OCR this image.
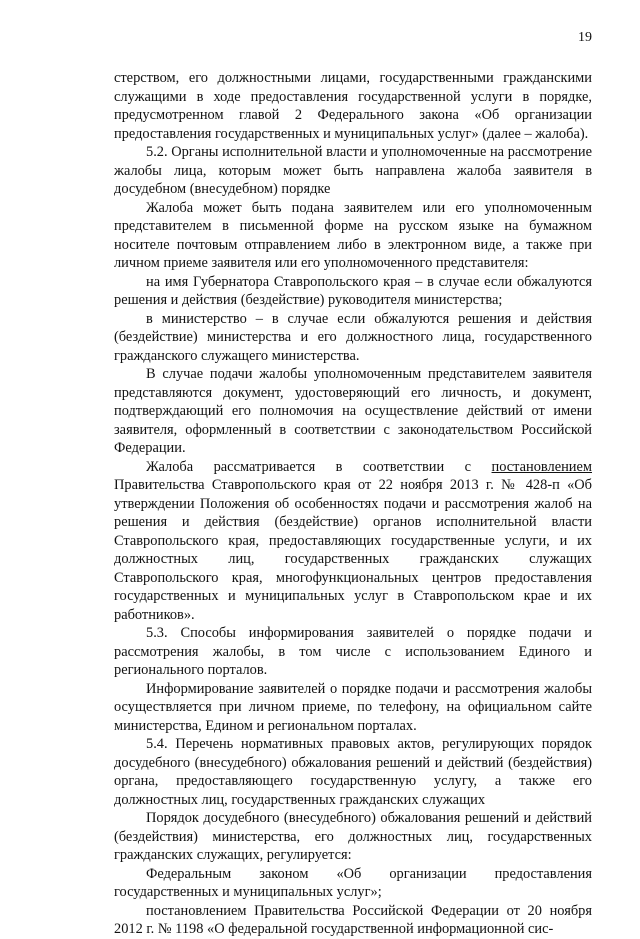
19

стерством, его должностными лицами, государственными гражданскими служащими в ходе предоставления государственной услуги в порядке, предусмотренном главой 2 Федерального закона «Об организации предоставления государственных и муниципальных услуг» (далее – жалоба).

5.2. Органы исполнительной власти и уполномоченные на рассмотрение жалобы лица, которым может быть направлена жалоба заявителя в досудебном (внесудебном) порядке

Жалоба может быть подана заявителем или его уполномоченным представителем в письменной форме на русском языке на бумажном носителе почтовым отправлением либо в электронном виде, а также при личном приеме заявителя или его уполномоченного представителя:

на имя Губернатора Ставропольского края – в случае если обжалуются решения и действия (бездействие) руководителя министерства;

в министерство – в случае если обжалуются решения и действия (бездействие) министерства и его должностного лица, государственного гражданского служащего министерства.

В случае подачи жалобы уполномоченным представителем заявителя представляются документ, удостоверяющий его личность, и документ, подтверждающий его полномочия на осуществление действий от имени заявителя, оформленный в соответствии с законодательством Российской Федерации.

Жалоба рассматривается в соответствии с постановлением Правительства Ставропольского края от 22 ноября 2013 г. № 428-п «Об утверждении Положения об особенностях подачи и рассмотрения жалоб на решения и действия (бездействие) органов исполнительной власти Ставропольского края, предоставляющих государственные услуги, и их должностных лиц, государственных гражданских служащих Ставропольского края, многофункциональных центров предоставления государственных и муниципальных услуг в Ставропольском крае и их работников».

5.3. Способы информирования заявителей о порядке подачи и рассмотрения жалобы, в том числе с использованием Единого и регионального порталов.

Информирование заявителей о порядке подачи и рассмотрения жалобы осуществляется при личном приеме, по телефону, на официальном сайте министерства, Едином и региональном порталах.

5.4. Перечень нормативных правовых актов, регулирующих порядок досудебного (внесудебного) обжалования решений и действий (бездействия) органа, предоставляющего государственную услугу, а также его должностных лиц, государственных гражданских служащих

Порядок досудебного (внесудебного) обжалования решений и действий (бездействия) министерства, его должностных лиц, государственных гражданских служащих, регулируется:

Федеральным законом «Об организации предоставления государственных и муниципальных услуг»;

постановлением Правительства Российской Федерации от 20 ноября 2012 г. № 1198 «О федеральной государственной информационной сис-
